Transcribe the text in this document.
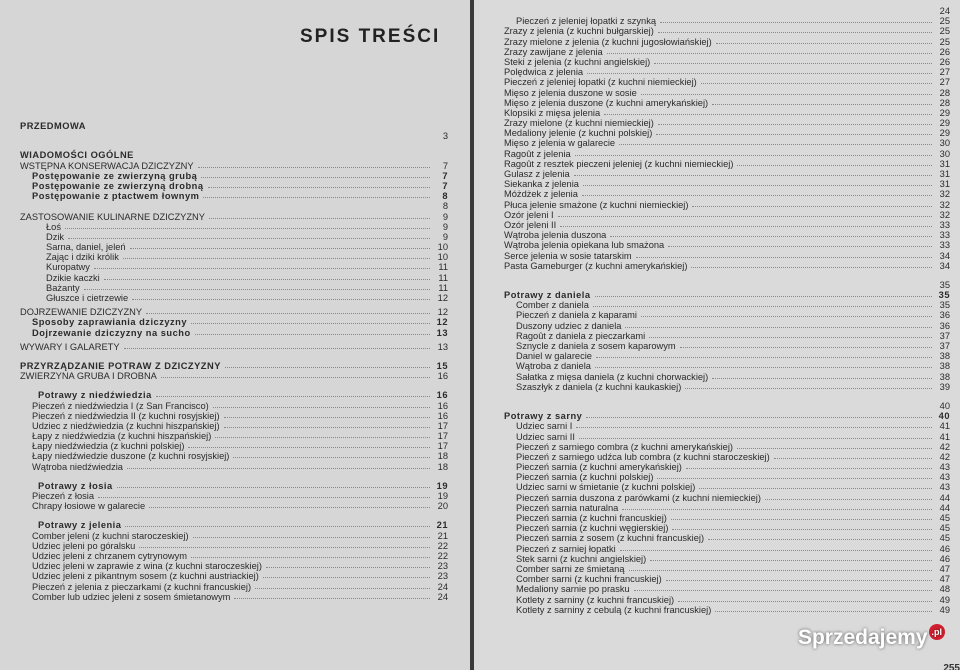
SPIS TREŚCI
PRZEDMOWA
3
WIADOMOŚCI OGÓLNE
WSTĘPNA KONSERWACJA DZICZYZNY	7
Postępowanie ze zwierzyną grubą	7
Postępowanie ze zwierzyną drobną	7
Postępowanie z ptactwem łownym	8
8
ZASTOSOWANIE KULINARNE DZICZYZNY	9
Łoś	9
Dzik	9
Sarna, daniel, jeleń	10
Zając i dziki królik	10
Kuropatwy	11
Dzikie kaczki	11
Bażanty	11
Głuszce i cietrzewie	12
DOJRZEWANIE DZICZYZNY	12
Sposoby zaprawiania dziczyzny	12
Dojrzewanie dziczyzny na sucho	13
WYWARY I GALARETY	13
PRZYRZĄDZANIE POTRAW Z DZICZYZNY	15
ZWIERZYNA GRUBA I DROBNA	16
Potrawy z niedźwiedzia	16
Pieczeń z niedźwiedzia I (z San Francisco)	16
Pieczeń z niedźwiedzia II (z kuchni rosyjskiej)	16
Udziec z niedźwiedzia (z kuchni hiszpańskiej)	17
Łapy z niedźwiedzia (z kuchni hiszpańskiej)	17
Łapy niedźwiedzia (z kuchni polskiej)	17
Łapy niedźwiedzie duszone (z kuchni rosyjskiej)	18
Wątroba niedźwiedzia	18
Potrawy z łosia	19
Pieczeń z łosia	19
Chrapy łosiowe w galarecie	20
Potrawy z jelenia	21
Comber jeleni (z kuchni staroczeskiej)	21
Udziec jeleni po góralsku	22
Udziec jeleni z chrzanem cytrynowym	22
Udziec jeleni w zaprawie z wina (z kuchni staroczeskiej)	23
Udziec jeleni z pikantnym sosem (z kuchni austriackiej)	23
Pieczeń z jelenia z pieczarkami (z kuchni francuskiej)	24
Comber lub udziec jeleni z sosem śmietanowym	24
24
Pieczeń z jeleniej łopatki z szynką	25
Zrazy z jelenia (z kuchni bułgarskiej)	25
Zrazy mielone z jelenia (z kuchni jugosłowiańskiej)	25
Zrazy zawijane z jelenia	26
Steki z jelenia (z kuchni angielskiej)	26
Polędwica z jelenia	27
Pieczeń z jeleniej łopatki (z kuchni niemieckiej)	27
Mięso z jelenia duszone w sosie	28
Mięso z jelenia duszone (z kuchni amerykańskiej)	28
Klopsiki z mięsa jelenia	29
Zrazy mielone (z kuchni niemieckiej)	29
Medaliony jelenie (z kuchni polskiej)	29
Mięso z jelenia w galarecie	30
Ragoût z jelenia	30
Ragoût z resztek pieczeni jeleniej (z kuchni niemieckiej)	31
Gulasz z jelenia	31
Siekanka z jelenia	31
Móżdżek z jelenia	32
Płuca jelenie smażone (z kuchni niemieckiej)	32
Ozór jeleni I	32
Ozór jeleni II	33
Wątroba jelenia duszona	33
Wątroba jelenia opiekana lub smażona	33
Serce jelenia w sosie tatarskim	34
Pasta Gameburger (z kuchni amerykańskiej)	34
35
Potrawy z daniela	35
Comber z daniela	35
Pieczeń z daniela z kaparami	36
Duszony udziec z daniela	36
Ragoût z daniela z pieczarkami	37
Sznycle z daniela z sosem kaparowym	37
Daniel w galarecie	38
Wątroba z daniela	38
Sałatka z mięsa daniela (z kuchni chorwackiej)	38
Szaszłyk z daniela (z kuchni kaukaskiej)	39
40
Potrawy z sarny	40
Udziec sarni I	41
Udziec sarni II	41
Pieczeń z sarniego combra (z kuchni amerykańskiej)	42
Pieczeń z sarniego udźca lub combra (z kuchni staroczeskiej)	42
Pieczeń sarnia (z kuchni amerykańskiej)	43
Pieczeń sarnia (z kuchni polskiej)	43
Udziec sarni w śmietanie (z kuchni polskiej)	43
Pieczeń sarnia duszona z parówkami (z kuchni niemieckiej)	44
Pieczeń sarnia naturalna	44
Pieczeń sarnia (z kuchni francuskiej)	45
Pieczeń sarnia (z kuchni węgierskiej)	45
Pieczeń sarnia z sosem (z kuchni francuskiej)	45
Pieczeń z sarniej łopatki	46
Stek sarni (z kuchni angielskiej)	46
Comber sarni ze śmietaną	47
Comber sarni (z kuchni francuskiej)	47
Medaliony sarnie po prasku	48
Kotlety z sarniny (z kuchni francuskiej)	49
Kotlety z sarniny z cebulą (z kuchni francuskiej)	49
Sprzedajemy .pl
255
